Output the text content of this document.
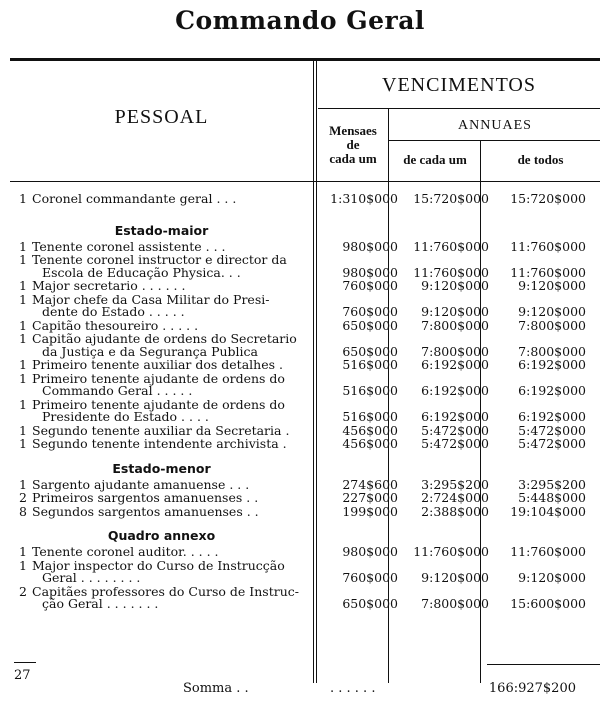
Commando Geral
PESSOAL
VENCIMENTOS
ANNUAES
Mensaes
de
cada um	de cada um	de todos
1 Coronel commandante geral . . .	1:310$000	15:720$000	15:720$000
Estado-maior
1 Tenente coronel assistente . . .	980$000	11:760$000	11:760$000
1 Tenente coronel instructor e director da
Escola de Educação Physica. . .	980$000	11:760$000	11:760$000
1 Major secretario . . . . . .	760$000	9:120$000	9:120$000
1 Major chefe da Casa Militar do Presi-
dente do Estado . . . . .	760$000	9:120$000	9:120$000
1 Capitão thesoureiro . . . . .	650$000	7:800$000	7:800$000
1 Capitão ajudante de ordens do Secretario
da Justiça e da Segurança Publica	650$000	7:800$000	7:800$000
1 Primeiro tenente auxiliar dos detalhes .	516$000	6:192$000	6:192$000
1 Primeiro tenente ajudante de ordens do
Commando Geral . . . . .	516$000	6:192$000	6:192$000
1 Primeiro tenente ajudante de ordens do
Presidente do Estado . . . .	516$000	6:192$000	6:192$000
1 Segundo tenente auxiliar da Secretaria .	456$000	5:472$000	5:472$000
1 Segundo tenente intendente archivista .	456$000	5:472$000	5:472$000
Estado-menor
1 Sargento ajudante amanuense . . .	274$600	3:295$200	3:295$200
2 Primeiros sargentos amanuenses . .	227$000	2:724$000	5:448$000
8 Segundos sargentos amanuenses . .	199$000	2:388$000	19:104$000
Quadro annexo
1 Tenente coronel auditor. . . . .	980$000	11:760$000	11:760$000
1 Major inspector do Curso de Instrucção
Geral . . . . . . . .	760$000	9:120$000	9:120$000
2 Capitães professores do Curso de Instruc-
ção Geral . . . . . . .	650$000	7:800$000	15:600$000
27
Somma . .	. . . . . .	166:927$200
